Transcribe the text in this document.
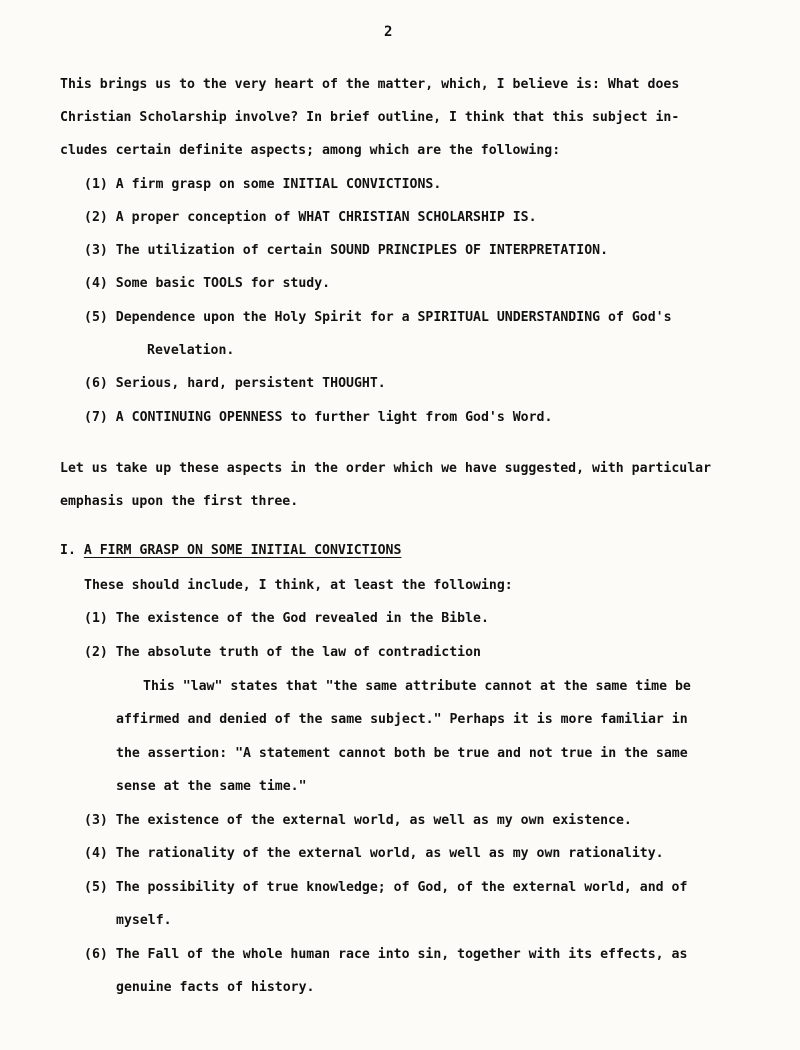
2
This brings us to the very heart of the matter, which, I believe is: What does
Christian Scholarship involve? In brief outline, I think that this subject in-
cludes certain definite aspects; among which are the following:
(1) A firm grasp on some INITIAL CONVICTIONS.
(2) A proper conception of WHAT CHRISTIAN SCHOLARSHIP IS.
(3) The utilization of certain SOUND PRINCIPLES OF INTERPRETATION.
(4) Some basic TOOLS for study.
(5) Dependence upon the Holy Spirit for a SPIRITUAL UNDERSTANDING of God's
Revelation.
(6) Serious, hard, persistent THOUGHT.
(7) A CONTINUING OPENNESS to further light from God's Word.
Let us take up these aspects in the order which we have suggested, with particular
emphasis upon the first three.
I. A FIRM GRASP ON SOME INITIAL CONVICTIONS
These should include, I think, at least the following:
(1) The existence of the God revealed in the Bible.
(2) The absolute truth of the law of contradiction
This "law" states that "the same attribute cannot at the same time be
affirmed and denied of the same subject." Perhaps it is more familiar in
the assertion: "A statement cannot both be true and not true in the same
sense at the same time."
(3) The existence of the external world, as well as my own existence.
(4) The rationality of the external world, as well as my own rationality.
(5) The possibility of true knowledge; of God, of the external world, and of
myself.
(6) The Fall of the whole human race into sin, together with its effects, as
genuine facts of history.
